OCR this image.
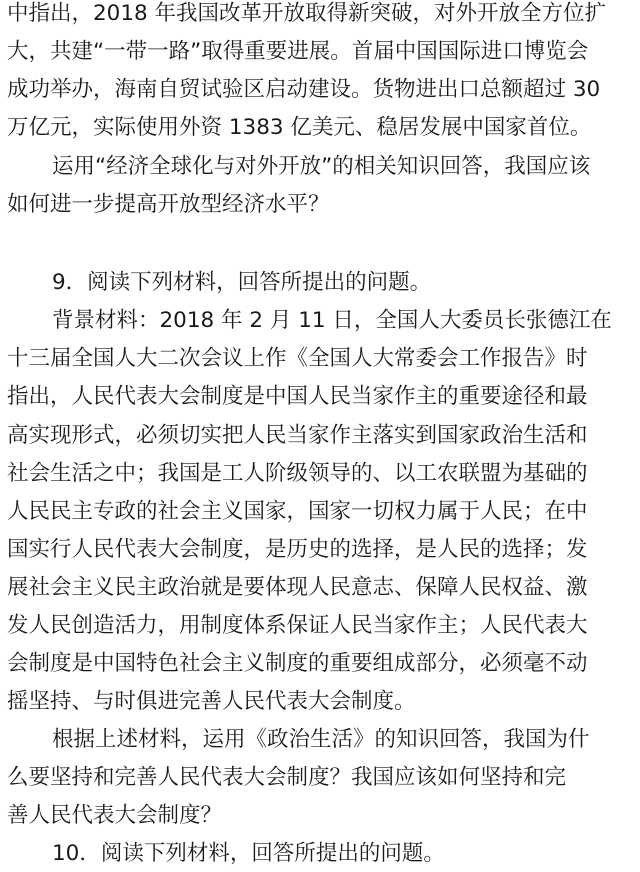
中指出，2018 年我国改革开放取得新突破，对外开放全方位扩
大，共建“一带一路”取得重要进展。首届中国国际进口博览会
成功举办，海南自贸试验区启动建设。货物进出口总额超过 30
万亿元，实际使用外资 1383 亿美元、稳居发展中国家首位。
运用“经济全球化与对外开放”的相关知识回答，我国应该
如何进一步提高开放型经济水平？
9．阅读下列材料，回答所提出的问题。
背景材料：2018 年 2 月 11 日，全国人大委员长张德江在
十三届全国人大二次会议上作《全国人大常委会工作报告》时
指出，人民代表大会制度是中国人民当家作主的重要途径和最
高实现形式，必须切实把人民当家作主落实到国家政治生活和
社会生活之中；我国是工人阶级领导的、以工农联盟为基础的
人民民主专政的社会主义国家，国家一切权力属于人民；在中
国实行人民代表大会制度，是历史的选择，是人民的选择；发
展社会主义民主政治就是要体现人民意志、保障人民权益、激
发人民创造活力，用制度体系保证人民当家作主；人民代表大
会制度是中国特色社会主义制度的重要组成部分，必须毫不动
摇坚持、与时俱进完善人民代表大会制度。
根据上述材料，运用《政治生活》的知识回答，我国为什
么要坚持和完善人民代表大会制度？我国应该如何坚持和完
善人民代表大会制度？
10．阅读下列材料，回答所提出的问题。
